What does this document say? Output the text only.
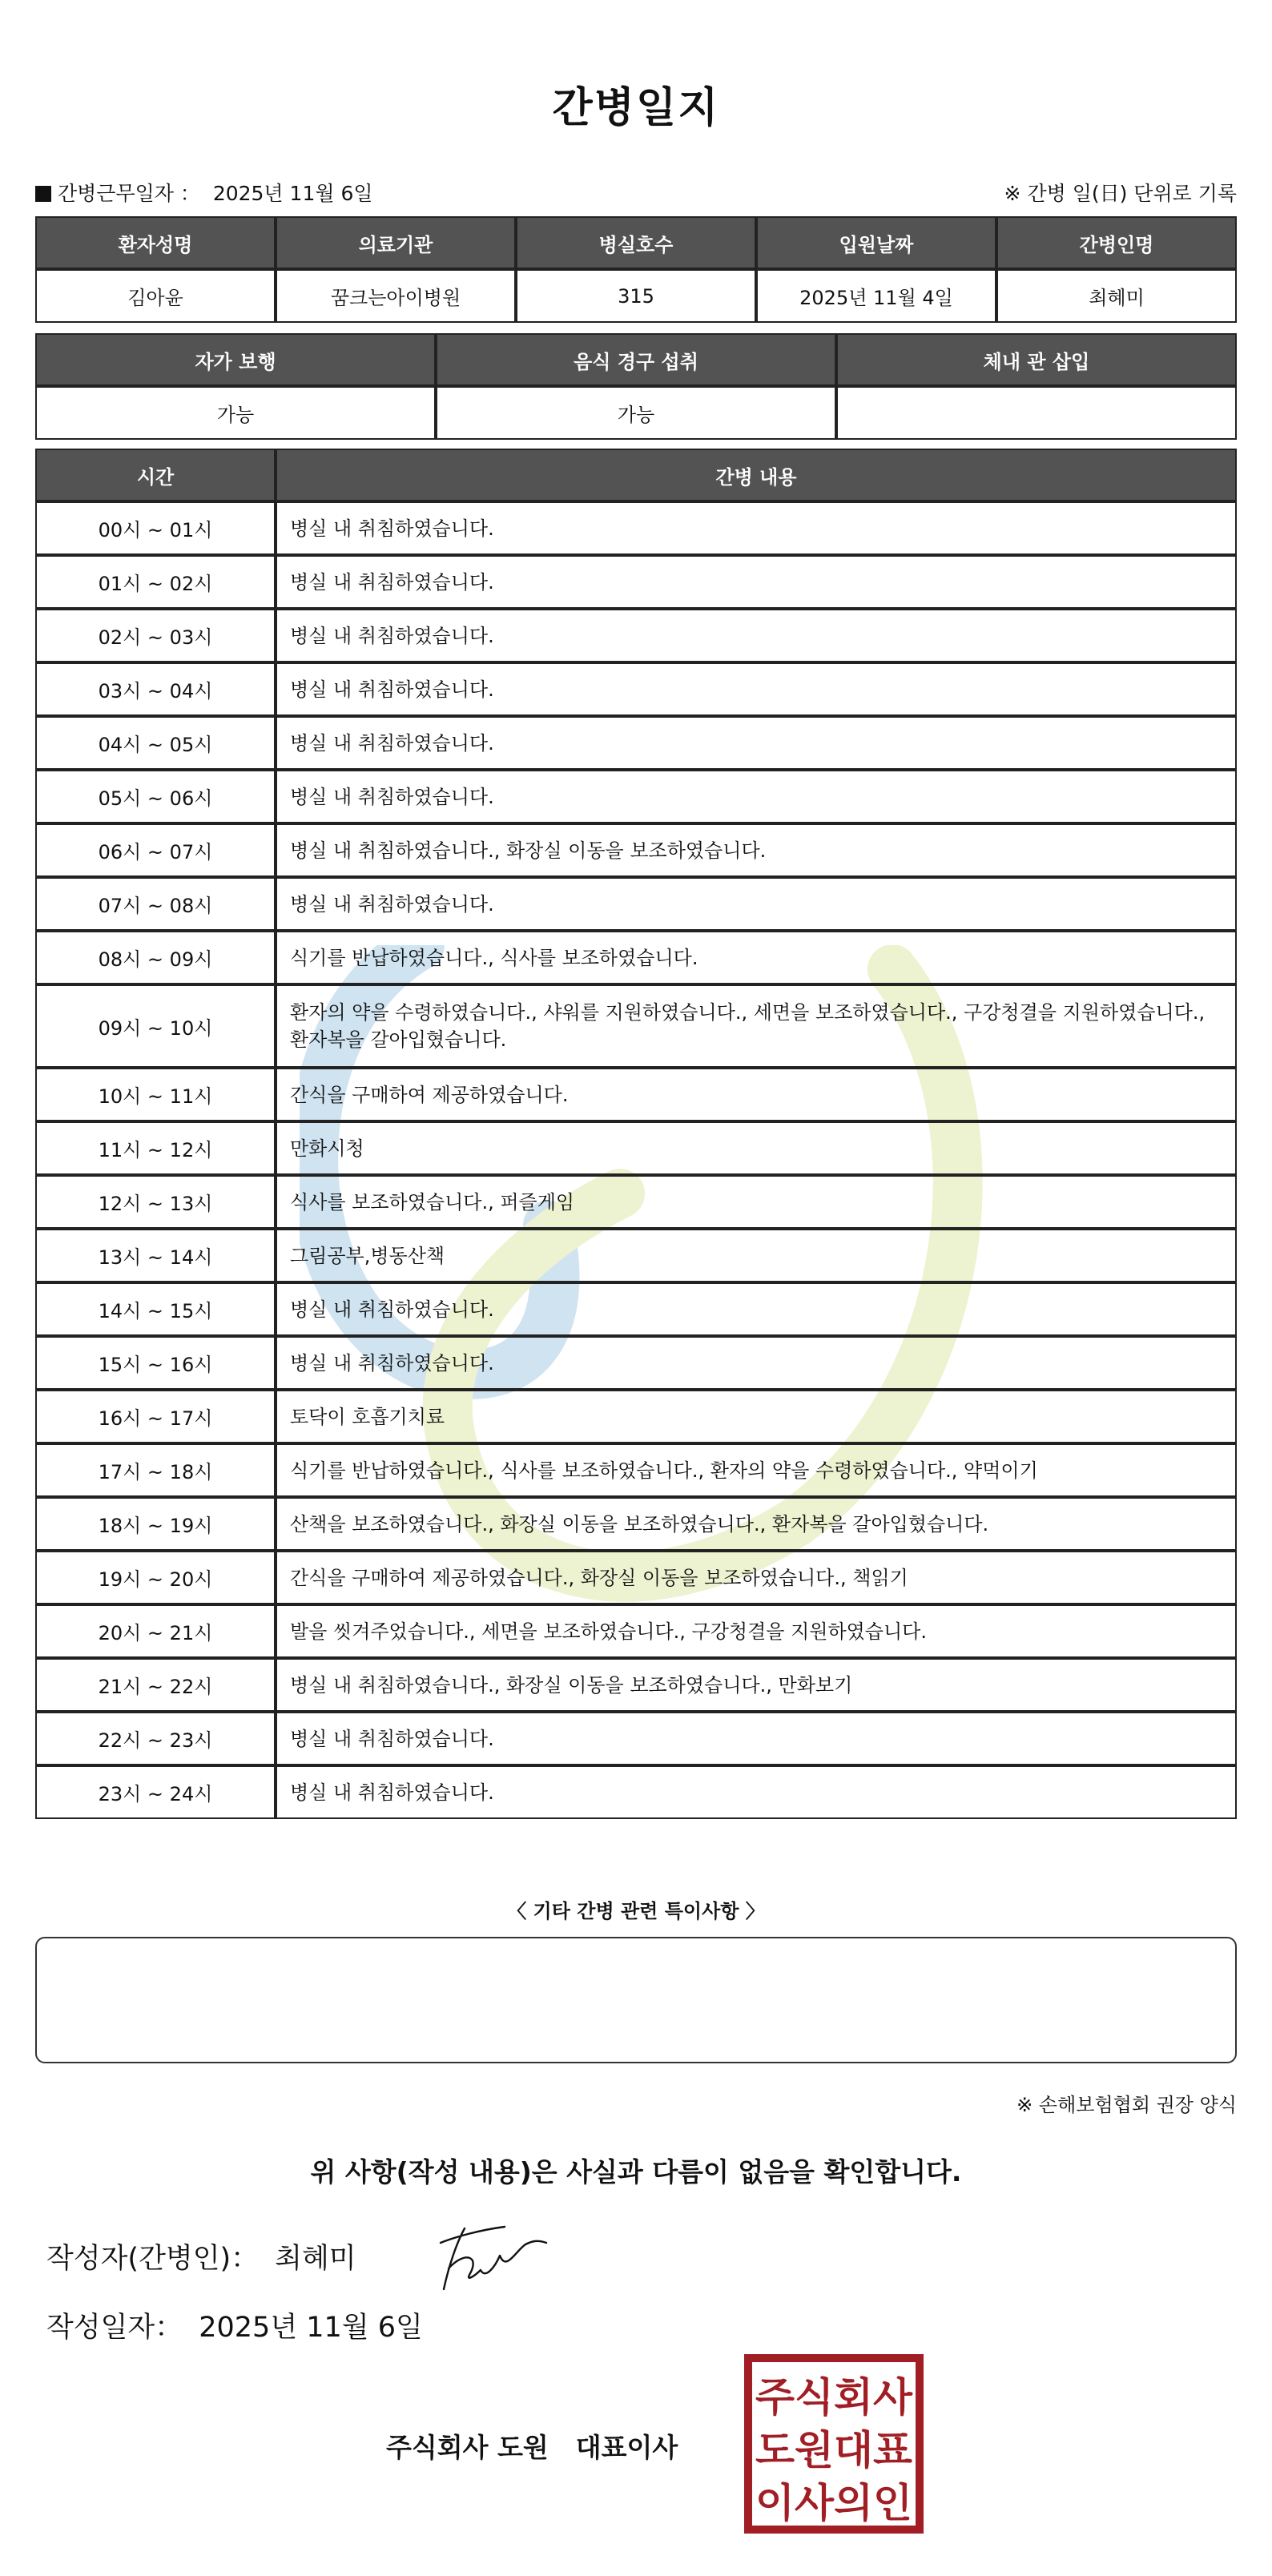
간병일지
간병근무일자 ： 2025년 11월 6일	※ 간병 일(日) 단위로 기록
환자성명	의료기관	병실호수	입원날짜	간병인명
김아윤	꿈크는아이병원	315	2025년 11월 4일	최혜미
자가 보행	음식 경구 섭취	체내 관 삽입
가능	가능	
시간	간병 내용
00시 ~ 01시	병실 내 취침하였습니다.
01시 ~ 02시	병실 내 취침하였습니다.
02시 ~ 03시	병실 내 취침하였습니다.
03시 ~ 04시	병실 내 취침하였습니다.
04시 ~ 05시	병실 내 취침하였습니다.
05시 ~ 06시	병실 내 취침하였습니다.
06시 ~ 07시	병실 내 취침하였습니다., 화장실 이동을 보조하였습니다.
07시 ~ 08시	병실 내 취침하였습니다.
08시 ~ 09시	식기를 반납하였습니다., 식사를 보조하였습니다.
09시 ~ 10시	환자의 약을 수령하였습니다., 샤워를 지원하였습니다., 세면을 보조하였습니다., 구강청결을 지원하였습니다., 환자복을 갈아입혔습니다.
10시 ~ 11시	간식을 구매하여 제공하였습니다.
11시 ~ 12시	만화시청
12시 ~ 13시	식사를 보조하였습니다., 퍼즐게임
13시 ~ 14시	그림공부,병동산책
14시 ~ 15시	병실 내 취침하였습니다.
15시 ~ 16시	병실 내 취침하였습니다.
16시 ~ 17시	토닥이 호흡기치료
17시 ~ 18시	식기를 반납하였습니다., 식사를 보조하였습니다., 환자의 약을 수령하였습니다., 약먹이기
18시 ~ 19시	산책을 보조하였습니다., 화장실 이동을 보조하였습니다., 환자복을 갈아입혔습니다.
19시 ~ 20시	간식을 구매하여 제공하였습니다., 화장실 이동을 보조하였습니다., 책읽기
20시 ~ 21시	발을 씻겨주었습니다., 세면을 보조하였습니다., 구강청결을 지원하였습니다.
21시 ~ 22시	병실 내 취침하였습니다., 화장실 이동을 보조하였습니다., 만화보기
22시 ~ 23시	병실 내 취침하였습니다.
23시 ~ 24시	병실 내 취침하였습니다.
〈 기타 간병 관련 특이사항 〉
※ 손해보험협회 권장 양식
위 사항(작성 내용)은 사실과 다름이 없음을 확인합니다.
작성자(간병인)： 최혜미
작성일자： 2025년 11월 6일
주식회사 도원 대표이사
주식회사
도원대표
이사의인
